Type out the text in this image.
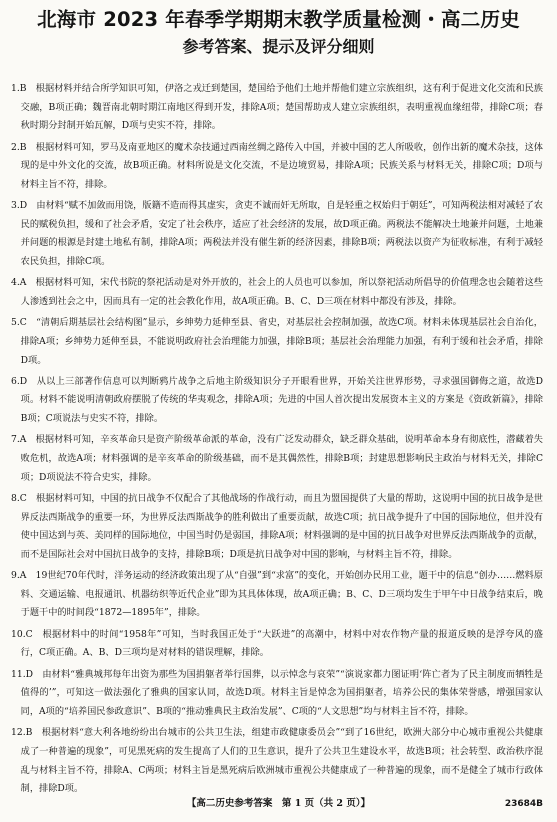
北海市 2023 年春季学期期末教学质量检测・高二历史
参考答案、提示及评分细则

1.B　根据材料并结合所学知识可知，伊洛之戎迁到楚国，楚国给予他们土地并帮他们建立宗族组织，这有利于促进文化交流和民族交融，B项正确；魏晋南北朝时期江南地区得到开发，排除A项；楚国帮助戎人建立宗族组织，表明重视血缘纽带，排除C项；春秋时期分封制开始瓦解，D项与史实不符，排除。

2.B　根据材料可知，罗马及南亚地区的魔术杂技通过西南丝绸之路传入中国，并被中国的艺人所吸收，创作出新的魔术杂技，这体现的是中外文化的交流，故B项正确。材料所说是文化交流，不是边境贸易，排除A项；民族关系与材料无关，排除C项；D项与材料主旨不符，排除。

3.D　由材料“赋不加敛而用饶，版籍不造而得其虚实，贪吏不诚而奸无所取，自是轻重之权始归于朝廷”，可知两税法相对减轻了农民的赋税负担，缓和了社会矛盾，安定了社会秩序，适应了社会经济的发展，故D项正确。两税法不能解决土地兼并问题，土地兼并问题的根源是封建土地私有制，排除A项；两税法并没有催生新的经济因素，排除B项；两税法以资产为征收标准，有利于减轻农民负担，排除C项。

4.A　根据材料可知，宋代书院的祭祀活动是对外开放的，社会上的人员也可以参加，所以祭祀活动所倡导的价值理念也会随着这些人渗透到社会之中，因而具有一定的社会教化作用，故A项正确。B、C、D三项在材料中都没有涉及，排除。

5.C　“清朝后期基层社会结构图”显示，乡绅势力延伸至县、省史，对基层社会控制加强，故选C项。材料未体现基层社会自治化，排除A项；乡绅势力延伸至县，不能说明政府社会治理能力加强，排除B项；基层社会治理能力加强，有利于缓和社会矛盾，排除D项。

6.D　从以上三部著作信息可以判断鸦片战争之后地主阶级知识分子开眼看世界，开始关注世界形势，寻求强国御侮之道，故选D项。材料不能说明清朝政府摆脱了传统的华夷观念，排除A项；先进的中国人首次提出发展资本主义的方案是《资政新篇》，排除B项；C项说法与史实不符，排除。

7.A　根据材料可知，辛亥革命只是资产阶级革命派的革命，没有广泛发动群众，缺乏群众基础，说明革命本身有彻底性，潜藏着失败危机，故选A项；材料强调的是辛亥革命的阶级基础，而不是其偶然性，排除B项；封建思想影响民主政治与材料无关，排除C项；D项说法不符合史实，排除。

8.C　根据材料可知，中国的抗日战争不仅配合了其他战场的作战行动，而且为盟国提供了大量的帮助，这说明中国的抗日战争是世界反法西斯战争的重要一环，为世界反法西斯战争的胜利做出了重要贡献，故选C项；抗日战争提升了中国的国际地位，但并没有使中国达到与英、美同样的国际地位，中国当时仍是弱国，排除A项；材料强调的是中国的抗日战争对世界反法西斯战争的贡献，而不是国际社会对中国抗日战争的支持，排除B项；D项是抗日战争对中国的影响，与材料主旨不符，排除。

9.A　19世纪70年代时，洋务运动的经济政策出现了从“自强”到“求富”的变化，开始创办民用工业，题干中的信息“创办……燃料原料、交通运输、电报通讯、机器纺织等近代企业”即为其具体体现，故A项正确；B、C、D三项均发生于甲午中日战争结束后，晚于题干中的时间段“1872—1895年”，排除。

10.C　根据材料中的时间“1958年”可知，当时我国正处于“大跃进”的高潮中，材料中对农作物产量的报道反映的是浮夸风的盛行，C项正确。A、B、D三项均是对材料的错误理解，排除。

11.D　由材料“雅典城邦每年出资为那些为国捐躯者举行国葬，以示悼念与哀荣”“演说家都力图证明‘阵亡者为了民主制度而牺牲是值得的’”，可知这一做法强化了雅典的国家认同，故选D项。材料主旨是悼念为国捐躯者，培养公民的集体荣誉感，增强国家认同，A项的“培养国民参政意识”、B项的“推动雅典民主政治发展”、C项的“人文思想”均与材料主旨不符，排除。

12.B　根据材料“意大利各地纷纷出台城市的公共卫生法，组建市政健康委员会”“到了16世纪，欧洲大部分中心城市重视公共健康成了一种普遍的现象”，可见黑死病的发生提高了人们的卫生意识，提升了公共卫生建设水平，故选B项；社会转型、政治秩序混乱与材料主旨不符，排除A、C两项；材料主旨是黑死病后欧洲城市重视公共健康成了一种普遍的现象，而不是健全了城市行政体制，排除D项。

【高二历史参考答案　第 1 页（共 2 页）】	23684B
